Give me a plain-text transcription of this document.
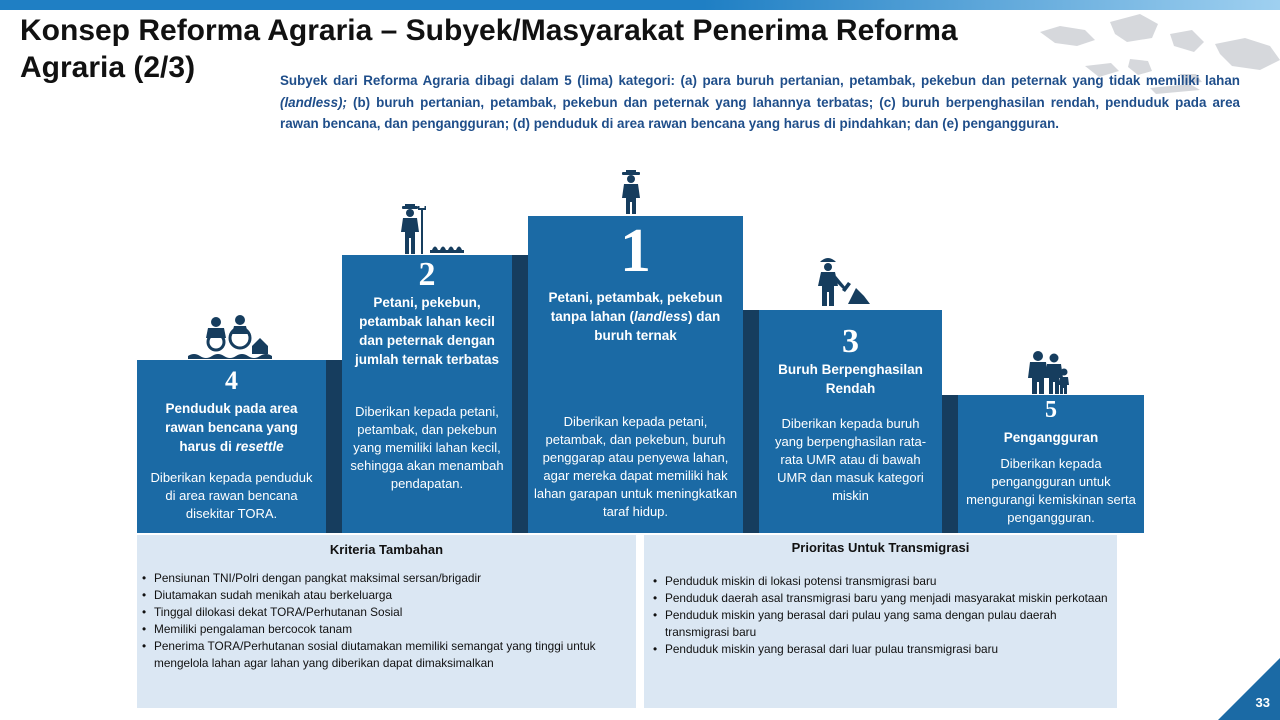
Konsep Reforma Agraria – Subyek/Masyarakat Penerima Reforma
Agraria (2/3)	Subyek dari Reforma Agraria dibagi dalam 5 (lima) kategori: (a) para buruh pertanian, petambak, pekebun dan peternak yang tidak memiliki lahan (landless); (b) buruh pertanian, petambak, pekebun dan peternak yang lahannya terbatas; (c) buruh berpenghasilan rendah, penduduk pada area rawan bencana, dan pengangguran; (d) penduduk di area rawan bencana yang harus di pindahkan; dan (e) pengangguran.
4
Penduduk pada area rawan bencana yang harus di resettle
Diberikan kepada penduduk di area rawan bencana disekitar TORA.
2
Petani, pekebun, petambak lahan kecil dan peternak dengan jumlah ternak terbatas
Diberikan kepada petani, petambak, dan pekebun yang memiliki lahan kecil, sehingga akan menambah pendapatan.
1
Petani, petambak, pekebun tanpa lahan (landless) dan buruh ternak
Diberikan kepada petani, petambak, dan pekebun, buruh penggarap atau penyewa lahan, agar mereka dapat memiliki hak lahan garapan untuk meningkatkan taraf hidup.
3
Buruh Berpenghasilan Rendah
Diberikan kepada buruh yang berpenghasilan rata-rata UMR atau di bawah UMR dan masuk kategori miskin
5
Pengangguran
Diberikan kepada pengangguran untuk mengurangi kemiskinan serta pengangguran.
Kriteria Tambahan
• Pensiunan TNI/Polri dengan pangkat maksimal sersan/brigadir
• Diutamakan sudah menikah atau berkeluarga
• Tinggal dilokasi dekat TORA/Perhutanan Sosial
• Memiliki pengalaman bercocok tanam
• Penerima TORA/Perhutanan sosial diutamakan memiliki semangat yang tinggi untuk mengelola lahan agar lahan yang diberikan dapat dimaksimalkan
Prioritas Untuk Transmigrasi
• Penduduk miskin di lokasi potensi transmigrasi baru
• Penduduk daerah asal transmigrasi baru yang menjadi masyarakat miskin perkotaan
• Penduduk miskin yang berasal dari pulau yang sama dengan pulau daerah transmigrasi baru
• Penduduk miskin yang berasal dari luar pulau transmigrasi baru
33
